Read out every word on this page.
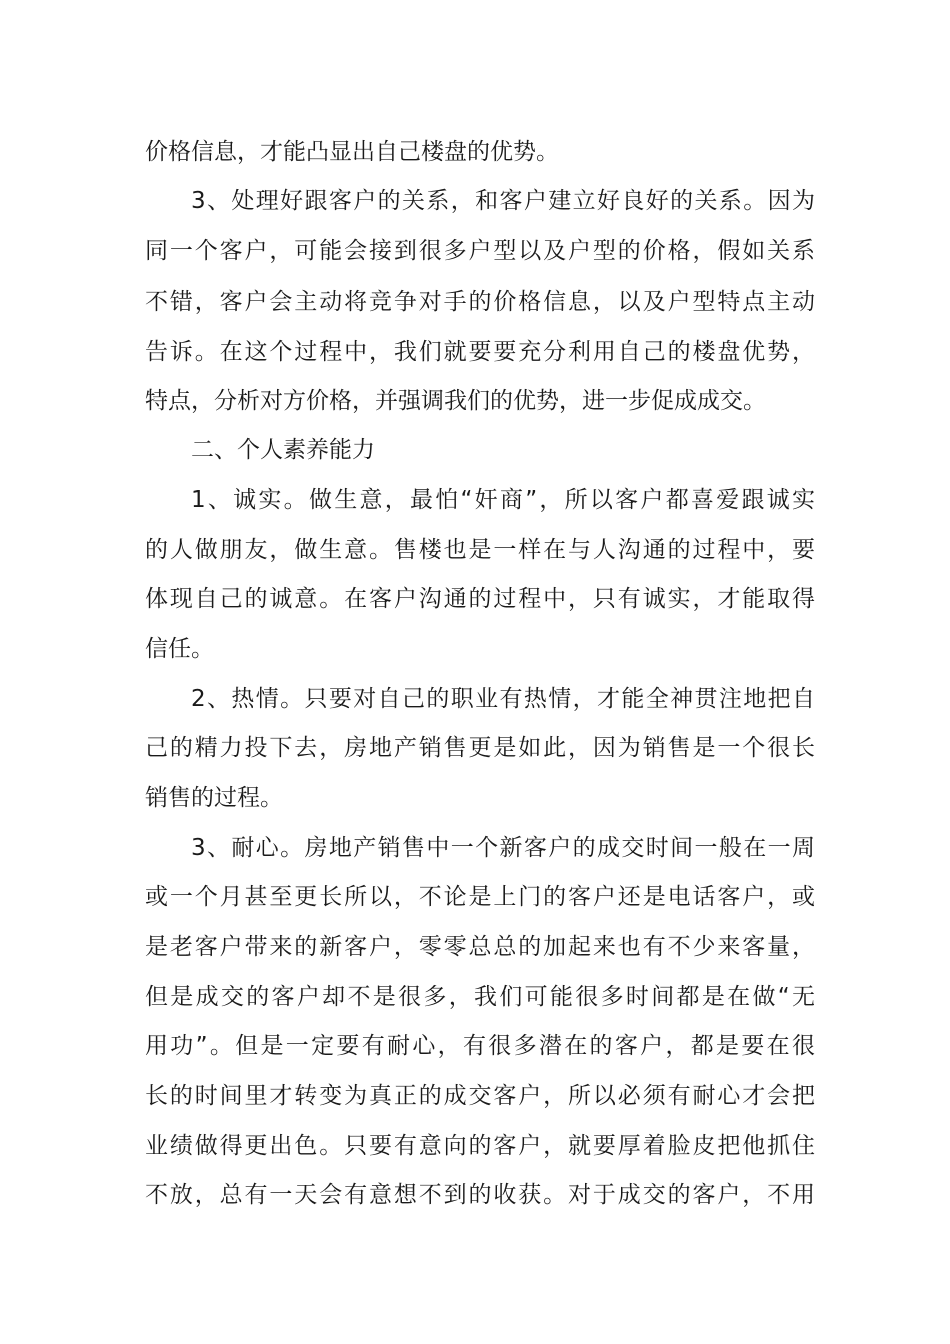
价格信息，才能凸显出自己楼盘的优势。
3、处理好跟客户的关系，和客户建立好良好的关系。因为
同一个客户，可能会接到很多户型以及户型的价格，假如关系
不错，客户会主动将竞争对手的价格信息，以及户型特点主动
告诉。在这个过程中，我们就要要充分利用自己的楼盘优势，
特点，分析对方价格，并强调我们的优势，进一步促成成交。
二、个人素养能力
1、诚实。做生意，最怕“奸商”，所以客户都喜爱跟诚实
的人做朋友，做生意。售楼也是一样在与人沟通的过程中，要
体现自己的诚意。在客户沟通的过程中，只有诚实，才能取得
信任。
2、热情。只要对自己的职业有热情，才能全神贯注地把自
己的精力投下去，房地产销售更是如此，因为销售是一个很长
销售的过程。
3、耐心。房地产销售中一个新客户的成交时间一般在一周
或一个月甚至更长所以，不论是上门的客户还是电话客户，或
是老客户带来的新客户，零零总总的加起来也有不少来客量，
但是成交的客户却不是很多，我们可能很多时间都是在做“无
用功”。但是一定要有耐心，有很多潜在的客户，都是要在很
长的时间里才转变为真正的成交客户，所以必须有耐心才会把
业绩做得更出色。只要有意向的客户，就要厚着脸皮把他抓住
不放，总有一天会有意想不到的收获。对于成交的客户，不用
